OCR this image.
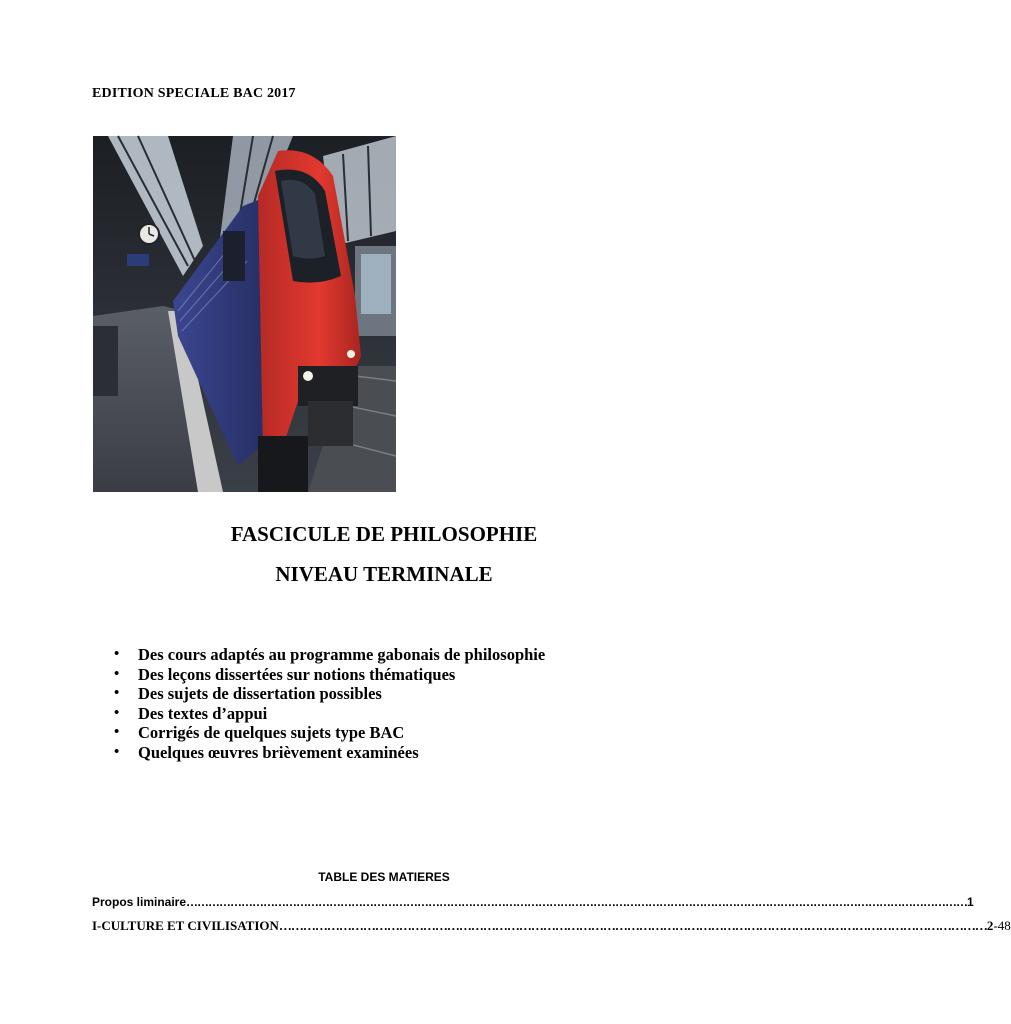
EDITION SPECIALE BAC 2017
FASCICULE DE PHILOSOPHIE
NIVEAU TERMINALE
• Des cours adaptés au programme gabonais de philosophie
• Des leçons dissertées sur notions thématiques
• Des sujets de dissertation possibles
• Des textes d’appui
• Corrigés de quelques sujets type BAC
• Quelques œuvres brièvement examinées
TABLE DES MATIERES
Propos liminaire …………………………………………………………………………………………………………………………………………………………………………………………… 1
I-CULTURE ET CIVILISATION …………………………………………………………………………………………………………………………………………………………… 2 -48
